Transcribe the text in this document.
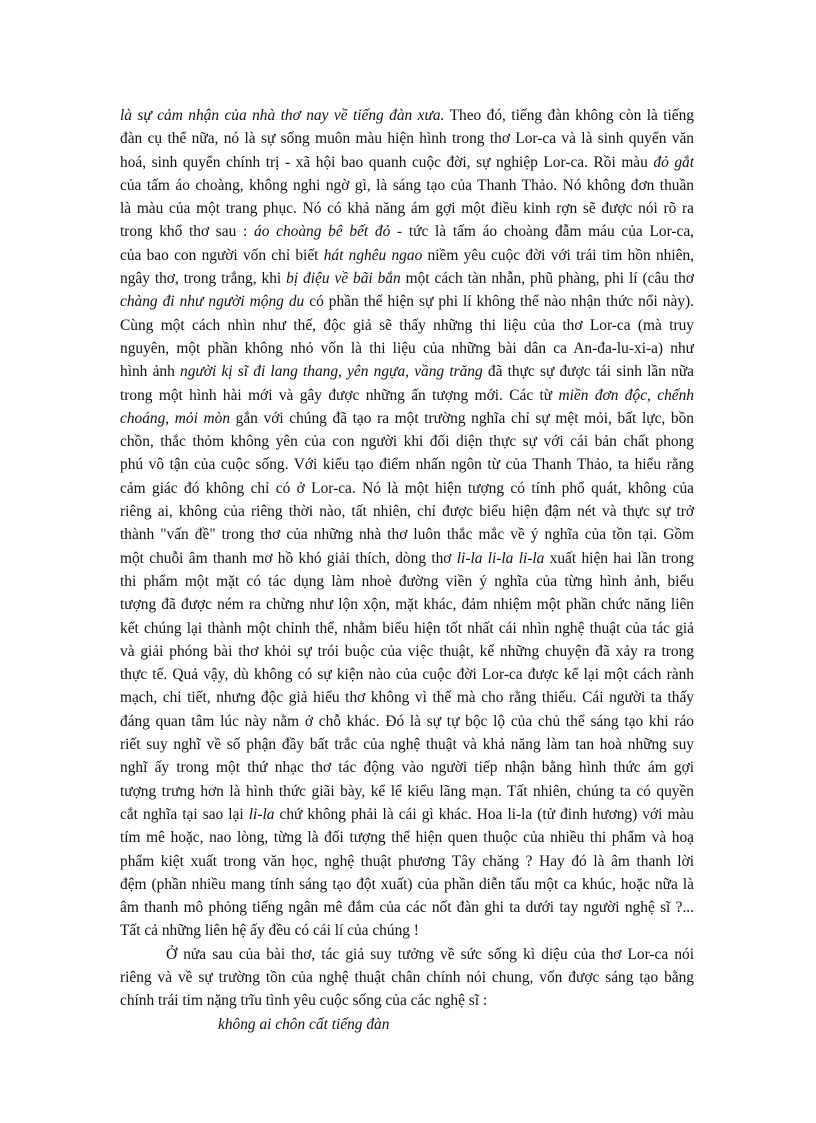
là sự cảm nhận của nhà thơ nay về tiếng đàn xưa. Theo đó, tiếng đàn không còn là tiếng
đàn cụ thể nữa, nó là sự sống muôn màu hiện hình trong thơ Lor-ca và là sinh quyển văn
hoá, sinh quyển chính trị - xã hội bao quanh cuộc đời, sự nghiệp Lor-ca. Rồi màu đỏ gắt
của tấm áo choàng, không nghi ngờ gì, là sáng tạo của Thanh Thảo. Nó không đơn thuần
là màu của một trang phục. Nó có khả năng ám gợi một điều kinh rợn sẽ được nói rõ ra
trong khổ thơ sau : áo choàng bê bết đỏ - tức là tấm áo choàng đẫm máu của Lor-ca,
của bao con người vốn chỉ biết hát nghêu ngao niềm yêu cuộc đời với trái tim hồn nhiên,
ngây thơ, trong trắng, khi bị điệu về bãi bắn một cách tàn nhẫn, phũ phàng, phi lí (câu thơ
chàng đi như người mộng du có phần thể hiện sự phi lí không thể nào nhận thức nổi này).
Cùng một cách nhìn như thế, độc giả sẽ thấy những thi liệu của thơ Lor-ca (mà truy
nguyên, một phần không nhỏ vốn là thi liệu của những bài dân ca An-đa-lu-xi-a) như
hình ảnh người kị sĩ đi lang thang, yên ngựa, vầng trăng đã thực sự được tái sinh lần nữa
trong một hình hài mới và gây được những ấn tượng mới. Các từ miền đơn độc, chếnh
choáng, mỏi mòn gắn với chúng đã tạo ra một trường nghĩa chỉ sự mệt mỏi, bất lực, bồn
chồn, thắc thỏm không yên của con người khi đối diện thực sự với cái bản chất phong
phú vô tận của cuộc sống. Với kiểu tạo điểm nhấn ngôn từ của Thanh Thảo, ta hiểu rằng
cảm giác đó không chỉ có ở Lor-ca. Nó là một hiện tượng có tính phổ quát, không của
riêng ai, không của riêng thời nào, tất nhiên, chỉ được biểu hiện đậm nét và thực sự trở
thành "vấn đề" trong thơ của những nhà thơ luôn thắc mắc về ý nghĩa của tồn tại. Gồm
một chuỗi âm thanh mơ hồ khó giải thích, dòng thơ li-la li-la li-la xuất hiện hai lần trong
thi phẩm một mặt có tác dụng làm nhoè đường viền ý nghĩa của từng hình ảnh, biểu
tượng đã được ném ra chừng như lộn xộn, mặt khác, đảm nhiệm một phần chức năng liên
kết chúng lại thành một chỉnh thể, nhằm biểu hiện tốt nhất cái nhìn nghệ thuật của tác giả
và giải phóng bài thơ khỏi sự trói buộc của việc thuật, kể những chuyện đã xảy ra trong
thực tế. Quả vậy, dù không có sự kiện nào của cuộc đời Lor-ca được kể lại một cách rành
mạch, chi tiết, nhưng độc giả hiểu thơ không vì thế mà cho rằng thiếu. Cái người ta thấy
đáng quan tâm lúc này nằm ở chỗ khác. Đó là sự tự bộc lộ của chủ thể sáng tạo khi ráo
riết suy nghĩ về số phận đầy bất trắc của nghệ thuật và khả năng làm tan hoà những suy
nghĩ ấy trong một thứ nhạc thơ tác động vào người tiếp nhận bằng hình thức ám gợi
tượng trưng hơn là hình thức giãi bày, kể lể kiểu lãng mạn. Tất nhiên, chúng ta có quyền
cắt nghĩa tại sao lại li-la chứ không phải là cái gì khác. Hoa li-la (tử đinh hương) với màu
tím mê hoặc, nao lòng, từng là đối tượng thể hiện quen thuộc của nhiều thi phẩm và hoạ
phẩm kiệt xuất trong văn học, nghệ thuật phương Tây chăng ? Hay đó là âm thanh lời
đệm (phần nhiều mang tính sáng tạo đột xuất) của phần diễn tấu một ca khúc, hoặc nữa là
âm thanh mô phỏng tiếng ngân mê đắm của các nốt đàn ghi ta dưới tay người nghệ sĩ ?...
Tất cả những liên hệ ấy đều có cái lí của chúng !
Ở nửa sau của bài thơ, tác giả suy tưởng về sức sống kì diệu của thơ Lor-ca nói
riêng và về sự trường tồn của nghệ thuật chân chính nói chung, vốn được sáng tạo bằng
chính trái tim nặng trĩu tình yêu cuộc sống của các nghệ sĩ :
không ai chôn cất tiếng đàn
